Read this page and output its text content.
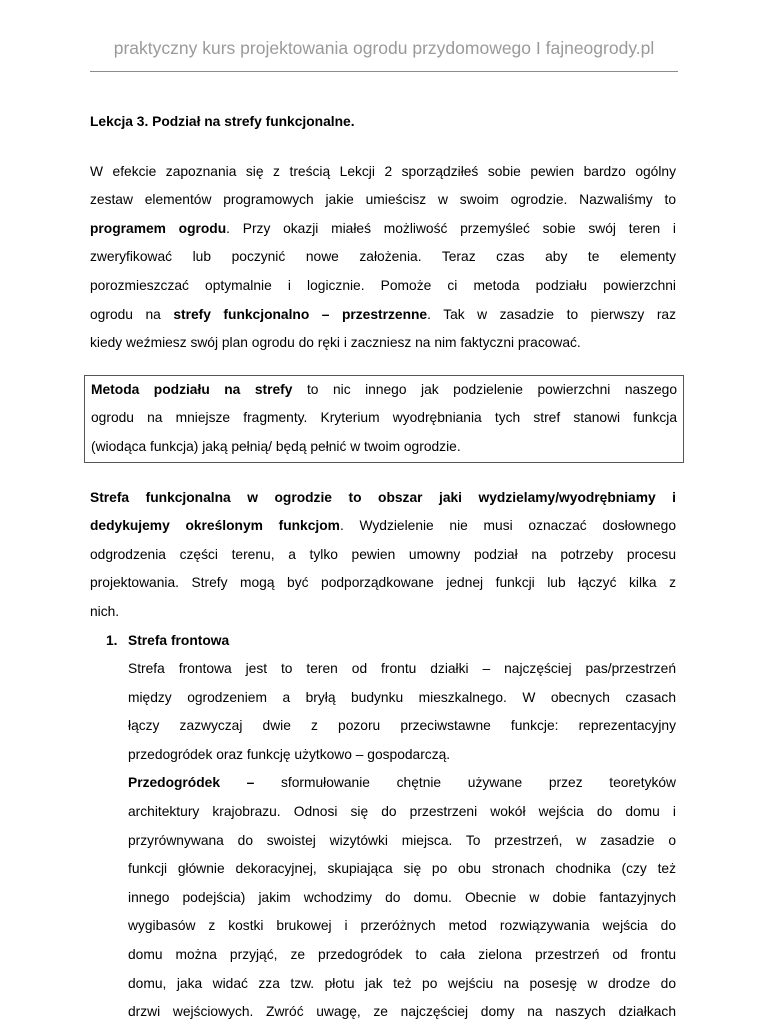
praktyczny kurs projektowania ogrodu przydomowego I fajneogrody.pl
Lekcja 3. Podział na strefy funkcjonalne.
W efekcie zapoznania się z treścią Lekcji 2 sporządziłeś sobie pewien bardzo ogólny
zestaw elementów programowych jakie umieścisz w swoim ogrodzie. Nazwaliśmy to
programem ogrodu. Przy okazji miałeś możliwość przemyśleć sobie swój teren i
zweryfikować lub poczynić nowe założenia. Teraz czas aby te elementy
porozmieszczać optymalnie i logicznie. Pomoże ci metoda podziału powierzchni
ogrodu na strefy funkcjonalno – przestrzenne. Tak w zasadzie to pierwszy raz
kiedy weźmiesz swój plan ogrodu do ręki i zaczniesz na nim faktyczni pracować.
Metoda podziału na strefy to nic innego jak podzielenie powierzchni naszego
ogrodu na mniejsze fragmenty. Kryterium wyodrębniania tych stref stanowi funkcja
(wiodąca funkcja) jaką pełnią/ będą pełnić w twoim ogrodzie.
Strefa funkcjonalna w ogrodzie to obszar jaki wydzielamy/wyodrębniamy i
dedykujemy określonym funkcjom. Wydzielenie nie musi oznaczać dosłownego
odgrodzenia części terenu, a tylko pewien umowny podział na potrzeby procesu
projektowania. Strefy mogą być podporządkowane jednej funkcji lub łączyć kilka z
nich.
1. Strefa frontowa
Strefa frontowa jest to teren od frontu działki – najczęściej pas/przestrzeń
między ogrodzeniem a bryłą budynku mieszkalnego. W obecnych czasach
łączy zazwyczaj dwie z pozoru przeciwstawne funkcje: reprezentacyjny
przedogródek oraz funkcję użytkowo – gospodarczą.
Przedogródek – sformułowanie chętnie używane przez teoretyków
architektury krajobrazu. Odnosi się do przestrzeni wokół wejścia do domu i
przyrównywana do swoistej wizytówki miejsca. To przestrzeń, w zasadzie o
funkcji głównie dekoracyjnej, skupiająca się po obu stronach chodnika (czy też
innego podejścia) jakim wchodzimy do domu. Obecnie w dobie fantazyjnych
wygibasów z kostki brukowej i przeróżnych metod rozwiązywania wejścia do
domu można przyjąć, ze przedogródek to cała zielona przestrzeń od frontu
domu, jaka widać zza tzw. płotu jak też po wejściu na posesję w drodze do
drzwi wejściowych. Zwróć uwagę, ze najczęściej domy na naszych działkach
